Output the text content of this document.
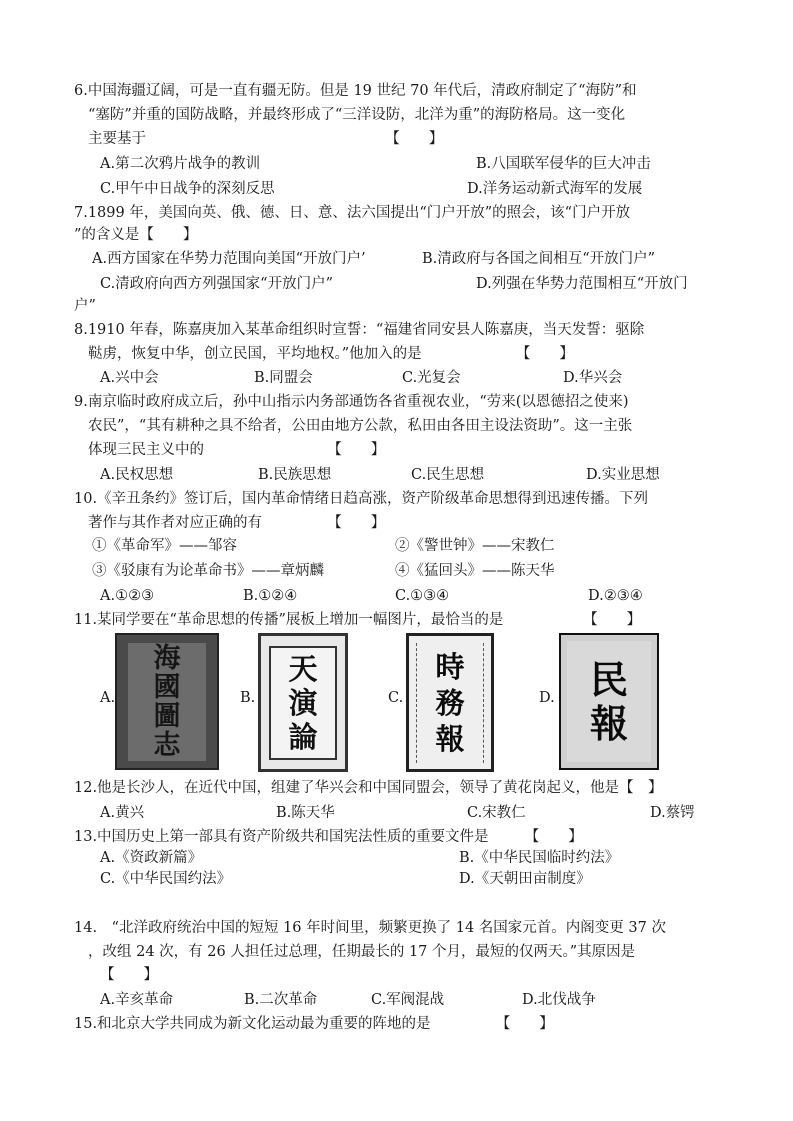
6.中国海疆辽阔，可是一直有疆无防。但是 19 世纪 70 年代后，清政府制定了“海防”和
“塞防”并重的国防战略，并最终形成了“三洋设防，北洋为重”的海防格局。这一变化
主要基于　　　　　　　　　　　　　　　　　【　　】
A.第二次鸦片战争的教训	B.八国联军侵华的巨大冲击
C.甲午中日战争的深刻反思	D.洋务运动新式海军的发展
7.1899 年，美国向英、俄、德、日、意、法六国提出“门户开放”的照会，该“门户开放
”的含义是【　　】
A.西方国家在华势力范围向美国“开放门户’	B.清政府与各国之间相互“开放门户”
C.清政府向西方列强国家“开放门户”	D.列强在华势力范围相互“开放门
户”
8.1910 年春，陈嘉庚加入某革命组织时宣誓：“福建省同安县人陈嘉庚，当天发誓：驱除
鞑虏，恢复中华，创立民国，平均地权。”他加入的是　　　　　　　【　　】
A.兴中会	B.同盟会	C.光复会	D.华兴会
9.南京临时政府成立后，孙中山指示内务部通饬各省重视农业，“劳来(以恩德招之使来)
农民”，“其有耕种之具不给者，公田由地方公款，私田由各田主设法资助”。这一主张
体现三民主义中的　　　　　　　　　【　　】
A.民权思想	B.民族思想	C.民生思想	D.实业思想
10.《辛丑条约》签订后，国内革命情绪日趋高涨，资产阶级革命思想得到迅速传播。下列
著作与其作者对应正确的有　　　　　【　　】
①《革命军》——邹容	②《警世钟》——宋教仁
③《驳康有为论革命书》——章炳麟	④《猛回头》——陈天华
A.①②③	B.①②④	C.①③④	D.②③④
11.某同学要在“革命思想的传播”展板上增加一幅图片，最恰当的是　　　　　　【　　】
A.
海
國
圖
志
B.
天
演
論
C.
時
務
報
D. 民
報
12.他是长沙人，在近代中国，组建了华兴会和中国同盟会，领导了黄花岗起义，他是【　】
A.黄兴	B.陈天华	C.宋教仁	D.蔡锷
13.中国历史上第一部具有资产阶级共和国宪法性质的重要文件是　　　【　　】
A.《资政新篇》	B.《中华民国临时约法》
C.《中华民国约法》	D.《天朝田亩制度》
14.　“北洋政府统治中国的短短 16 年时间里，频繁更换了 14 名国家元首。内阁变更 37 次
，改组 24 次，有 26 人担任过总理，任期最长的 17 个月，最短的仅两天。”其原因是
【　　】
A.辛亥革命	B.二次革命	C.军阀混战	D.北伐战争
15.和北京大学共同成为新文化运动最为重要的阵地的是　　　　　【　　】
